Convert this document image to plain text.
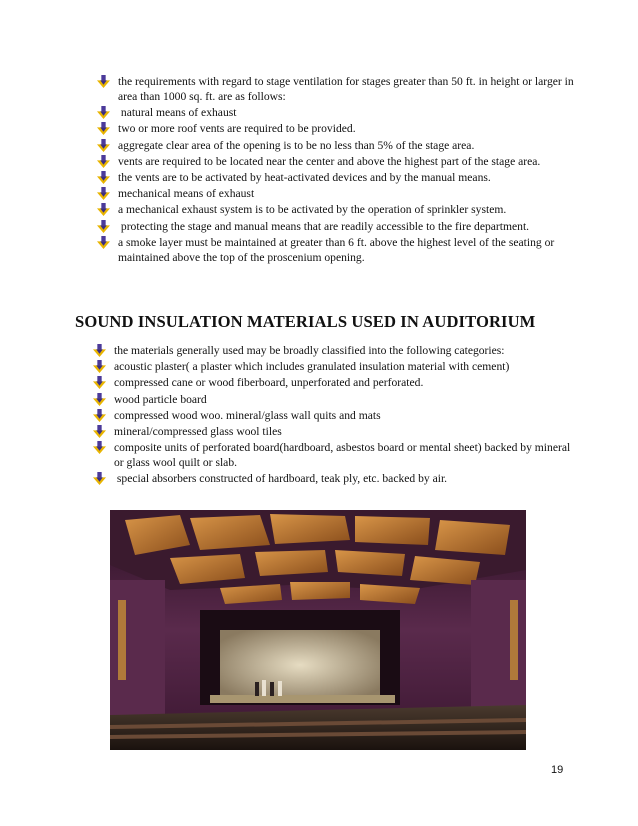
the requirements with regard to stage ventilation for stages greater than 50 ft. in height or larger in area than 1000 sq. ft. are as follows:
natural means of exhaust
two or more roof vents are required to be provided.
aggregate clear area of the opening is to be no less than 5% of the stage area.
vents are required to be located near the center and above the highest part of the stage area.
the vents are to be activated by heat-activated devices and by the manual means.
mechanical means of exhaust
a mechanical exhaust system is to be activated by the operation of sprinkler system.
protecting the stage and manual means that are readily accessible to the fire department.
a smoke layer must be maintained at greater than 6 ft. above the highest level of the seating or maintained above the top of the proscenium opening.
SOUND INSULATION MATERIALS USED IN AUDITORIUM
the materials generally used may be broadly classified into the following categories:
acoustic plaster( a plaster which includes granulated insulation material with cement)
compressed cane or wood fiberboard, unperforated and perforated.
wood particle board
compressed wood woo. mineral/glass wall quits and mats
mineral/compressed glass wool tiles
composite units of perforated board(hardboard, asbestos board or mental sheet) backed by mineral or glass wool quilt or slab.
special absorbers constructed of hardboard, teak ply, etc. backed by air.
19
